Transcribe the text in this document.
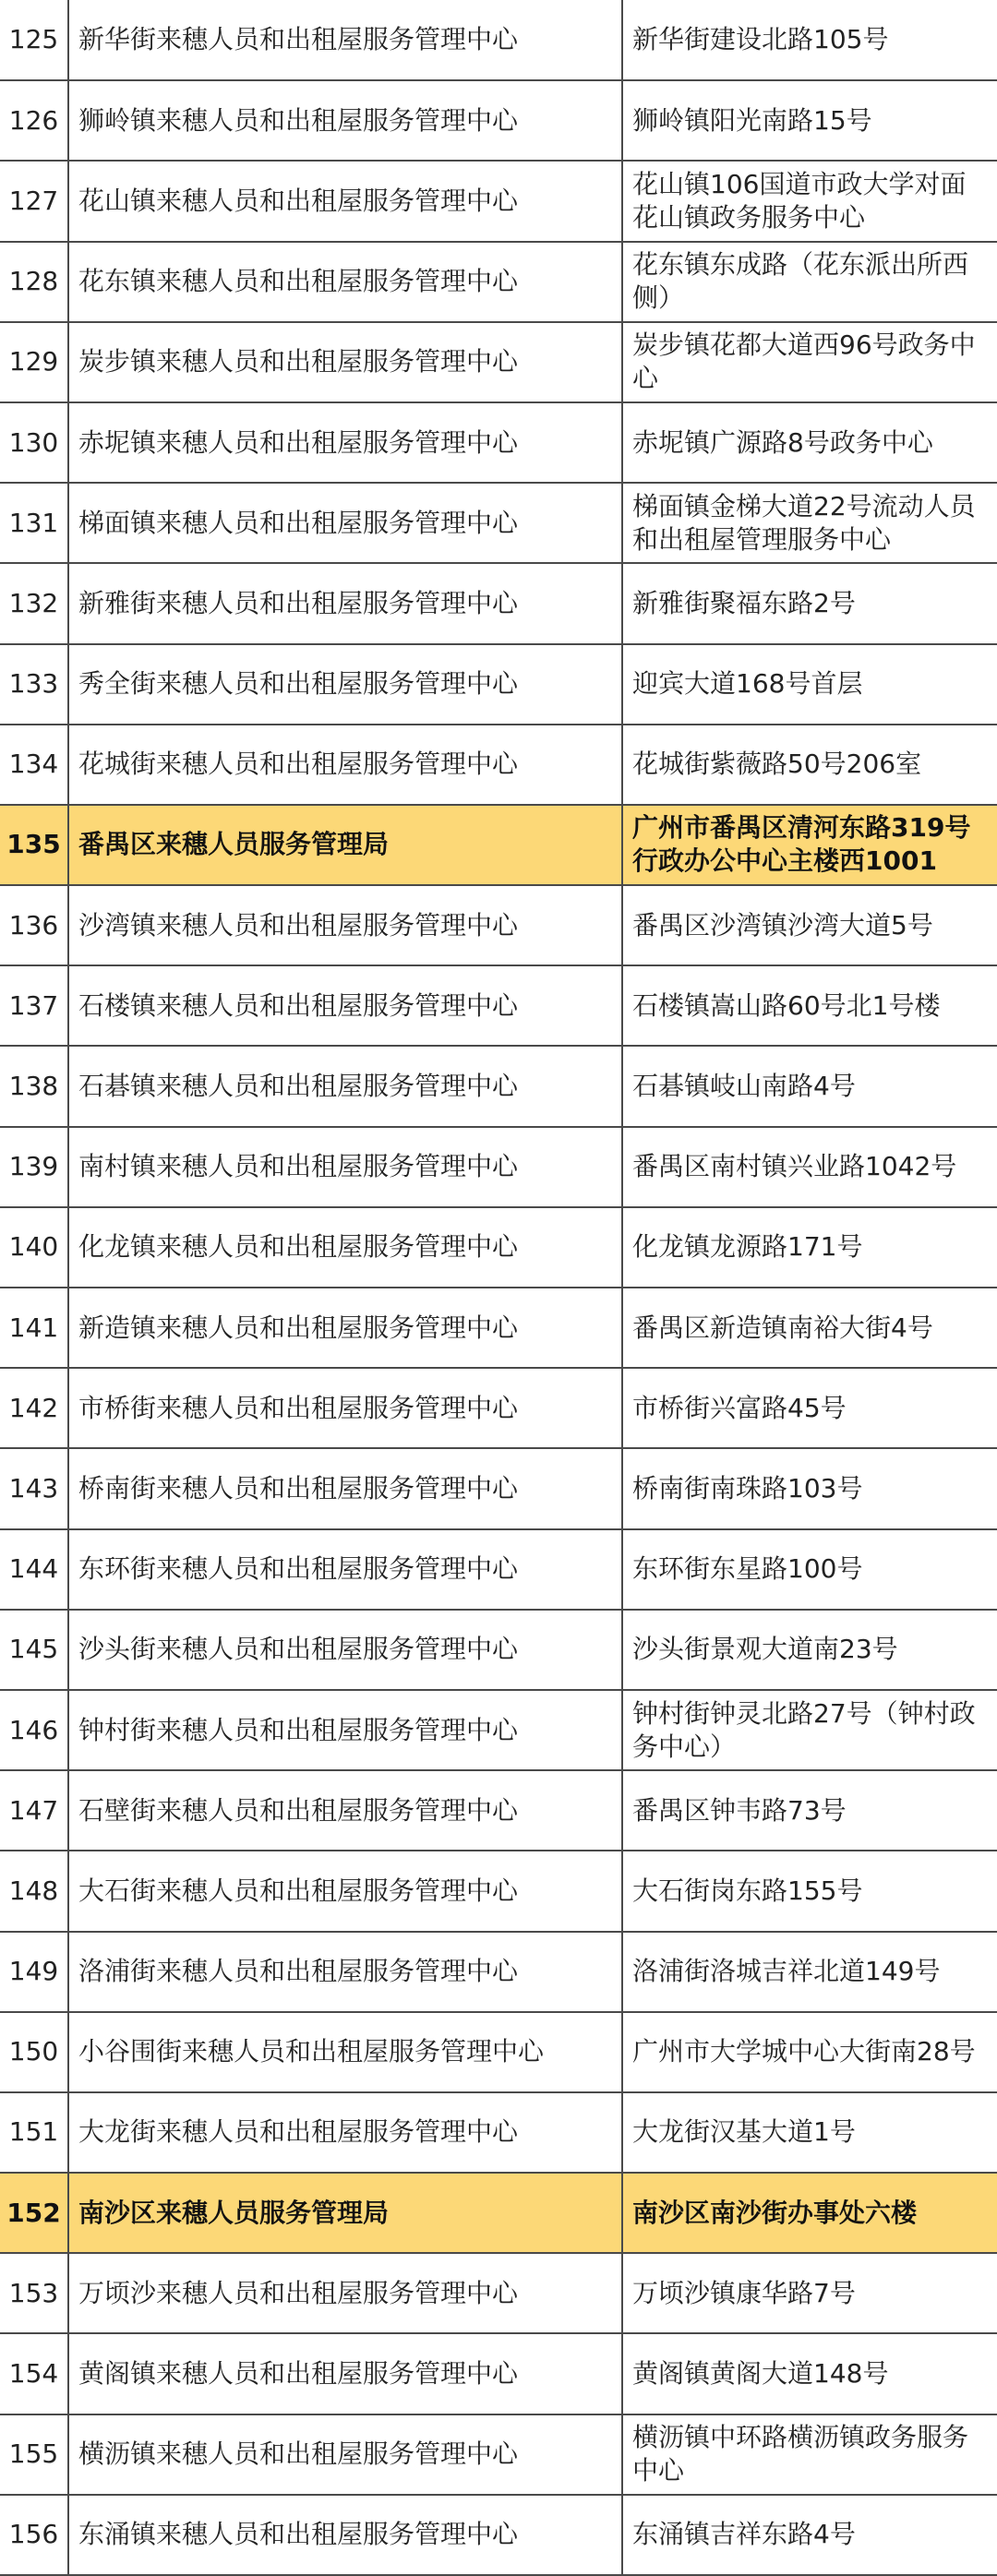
125	新华街来穗人员和出租屋服务管理中心	新华街建设北路105号
126	狮岭镇来穗人员和出租屋服务管理中心	狮岭镇阳光南路15号
127	花山镇来穗人员和出租屋服务管理中心	花山镇106国道市政大学对面花山镇政务服务中心
128	花东镇来穗人员和出租屋服务管理中心	花东镇东成路（花东派出所西侧）
129	炭步镇来穗人员和出租屋服务管理中心	炭步镇花都大道西96号政务中心
130	赤坭镇来穗人员和出租屋服务管理中心	赤坭镇广源路8号政务中心
131	梯面镇来穗人员和出租屋服务管理中心	梯面镇金梯大道22号流动人员和出租屋管理服务中心
132	新雅街来穗人员和出租屋服务管理中心	新雅街聚福东路2号
133	秀全街来穗人员和出租屋服务管理中心	迎宾大道168号首层
134	花城街来穗人员和出租屋服务管理中心	花城街紫薇路50号206室
135	番禺区来穗人员服务管理局	广州市番禺区清河东路319号行政办公中心主楼西1001
136	沙湾镇来穗人员和出租屋服务管理中心	番禺区沙湾镇沙湾大道5号
137	石楼镇来穗人员和出租屋服务管理中心	石楼镇嵩山路60号北1号楼
138	石碁镇来穗人员和出租屋服务管理中心	石碁镇岐山南路4号
139	南村镇来穗人员和出租屋服务管理中心	番禺区南村镇兴业路1042号
140	化龙镇来穗人员和出租屋服务管理中心	化龙镇龙源路171号
141	新造镇来穗人员和出租屋服务管理中心	番禺区新造镇南裕大街4号
142	市桥街来穗人员和出租屋服务管理中心	市桥街兴富路45号
143	桥南街来穗人员和出租屋服务管理中心	桥南街南珠路103号
144	东环街来穗人员和出租屋服务管理中心	东环街东星路100号
145	沙头街来穗人员和出租屋服务管理中心	沙头街景观大道南23号
146	钟村街来穗人员和出租屋服务管理中心	钟村街钟灵北路27号（钟村政务中心）
147	石壁街来穗人员和出租屋服务管理中心	番禺区钟韦路73号
148	大石街来穗人员和出租屋服务管理中心	大石街岗东路155号
149	洛浦街来穗人员和出租屋服务管理中心	洛浦街洛城吉祥北道149号
150	小谷围街来穗人员和出租屋服务管理中心	广州市大学城中心大街南28号
151	大龙街来穗人员和出租屋服务管理中心	大龙街汉基大道1号
152	南沙区来穗人员服务管理局	南沙区南沙街办事处六楼
153	万顷沙来穗人员和出租屋服务管理中心	万顷沙镇康华路7号
154	黄阁镇来穗人员和出租屋服务管理中心	黄阁镇黄阁大道148号
155	横沥镇来穗人员和出租屋服务管理中心	横沥镇中环路横沥镇政务服务中心
156	东涌镇来穗人员和出租屋服务管理中心	东涌镇吉祥东路4号
